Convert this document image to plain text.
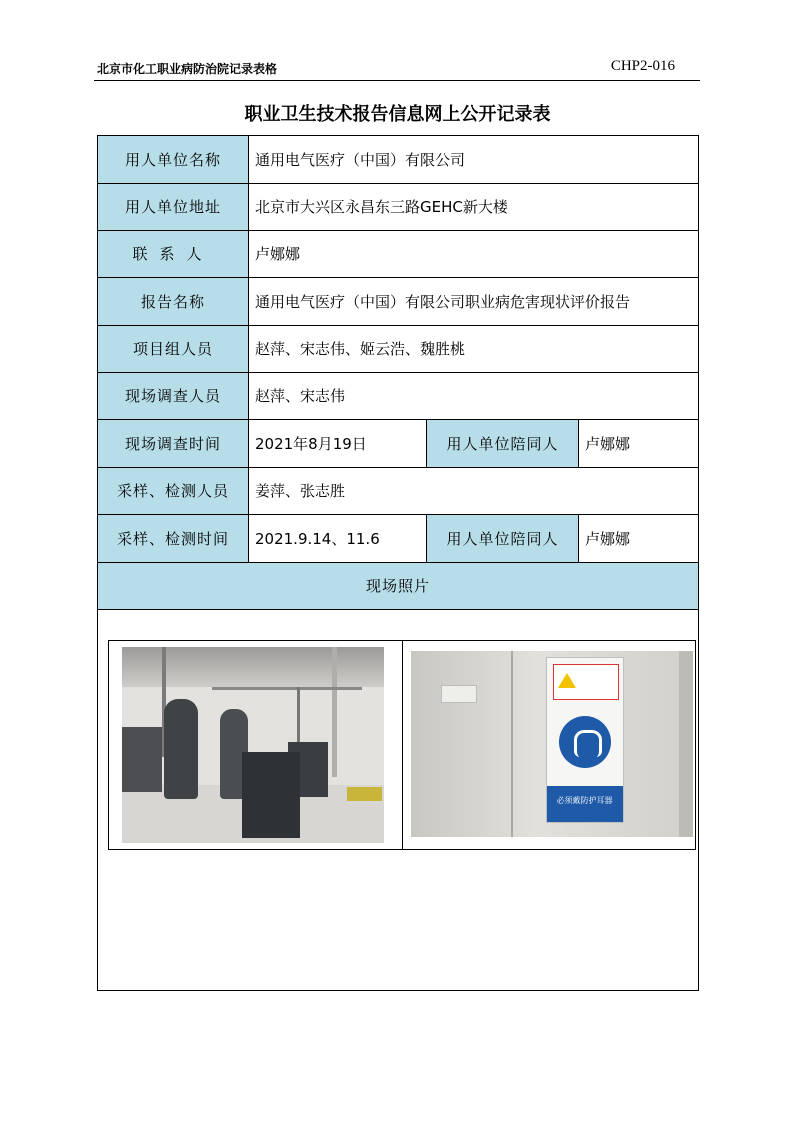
北京市化工职业病防治院记录表格	CHP2-016
职业卫生技术报告信息网上公开记录表
用人单位名称	通用电气医疗（中国）有限公司		
用人单位地址	北京市大兴区永昌东三路GEHC新大楼		
联系人	卢娜娜		
报告名称	通用电气医疗（中国）有限公司职业病危害现状评价报告		
项目组人员	赵萍、宋志伟、姬云浩、魏胜桃		
现场调查人员	赵萍、宋志伟		
现场调查时间	2021年8月19日	用人单位陪同人	卢娜娜
采样、检测人员	姜萍、张志胜		
采样、检测时间	2021.9.14、11.6	用人单位陪同人	卢娜娜
现场照片			

必须戴防护耳器			
